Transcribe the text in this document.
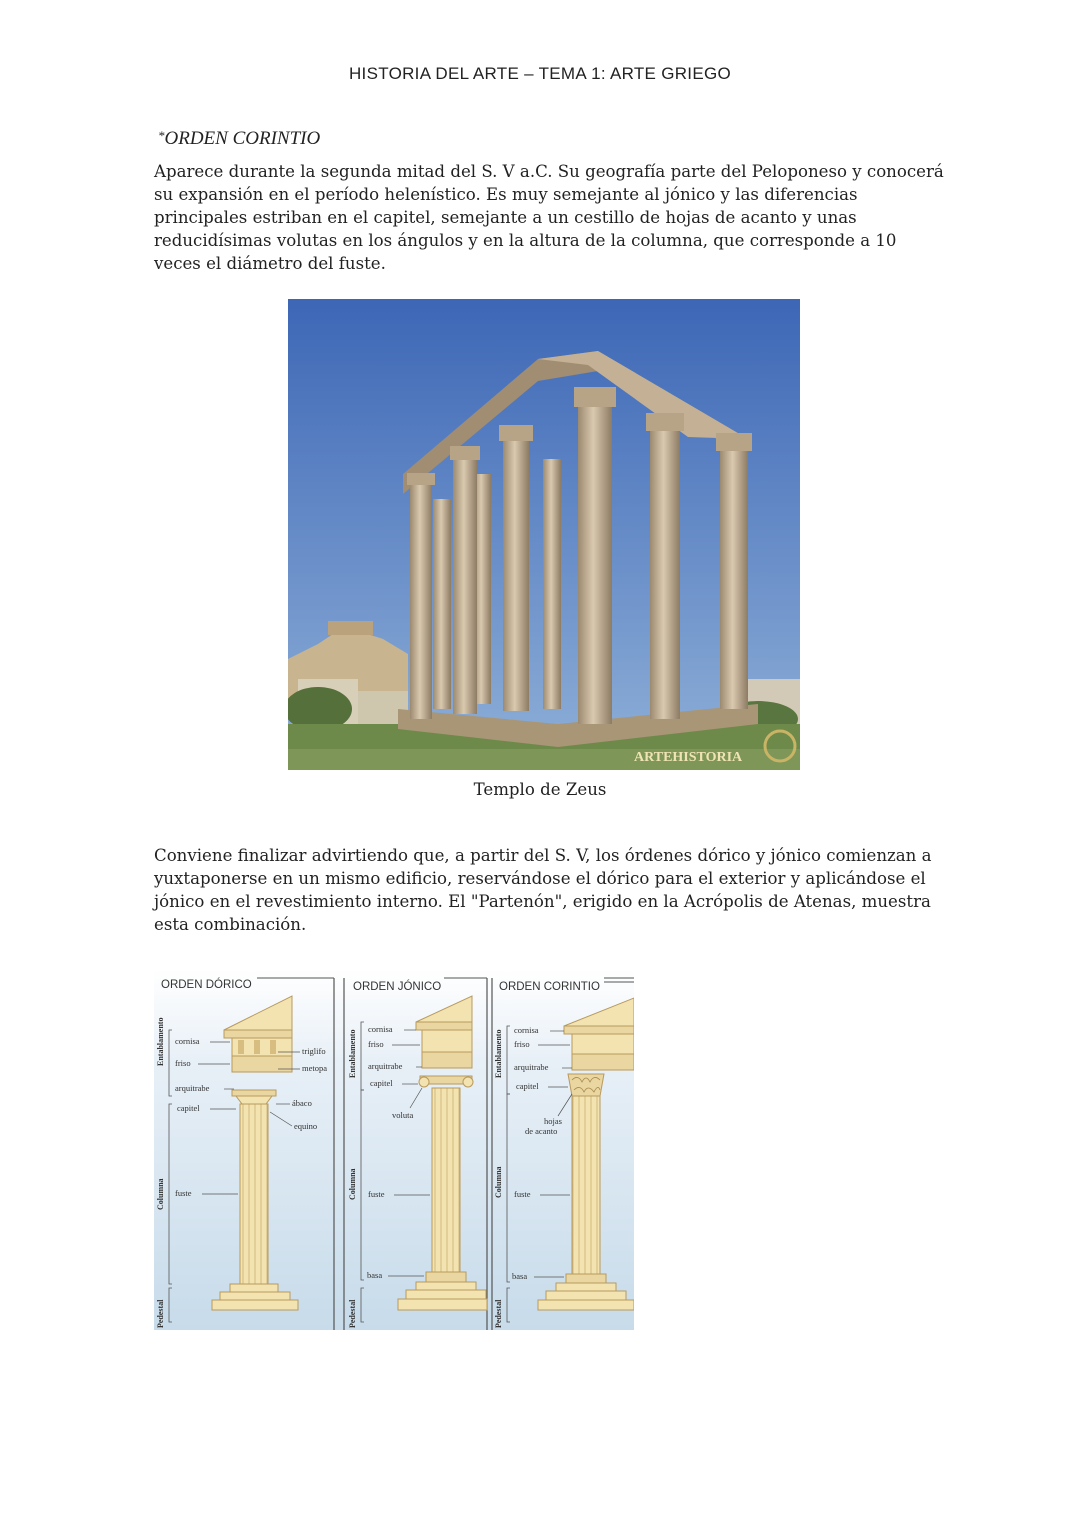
HISTORIA DEL ARTE – TEMA 1: ARTE GRIEGO
*ORDEN CORINTIO
Aparece durante la segunda mitad del S. V a.C. Su geografía parte del Peloponeso y conocerá su expansión en el período helenístico. Es muy semejante al jónico y las diferencias principales estriban en el capitel, semejante a un cestillo de hojas de acanto y unas reducidísimas volutas en los ángulos y en la altura de la columna, que corresponde a 10 veces el diámetro del fuste.
ARTEHISTORIA
Templo de Zeus
Conviene finalizar advirtiendo que, a partir del S. V, los órdenes dórico y jónico comienzan a yuxtaponerse en un mismo edificio, reservándose el dórico para el exterior y aplicándose el jónico en el revestimiento interno. El "Partenón", erigido en la Acrópolis de Atenas, muestra esta combinación.
ORDEN DÓRICO
Entablamento cornisa
friso
arquitrabe
capitel
triglifo
metopa
ábaco
equino
Columna fuste
Pedestal
ORDEN JÓNICO
Entablamento
cornisa
friso
arquitrabe
capitel
voluta
Columna fuste
basa
Pedestal
ORDEN CORINTIO
Entablamento cornisa
friso
arquitrabe
capitel
hojas
de acanto
Columna fuste
basa
Pedestal
